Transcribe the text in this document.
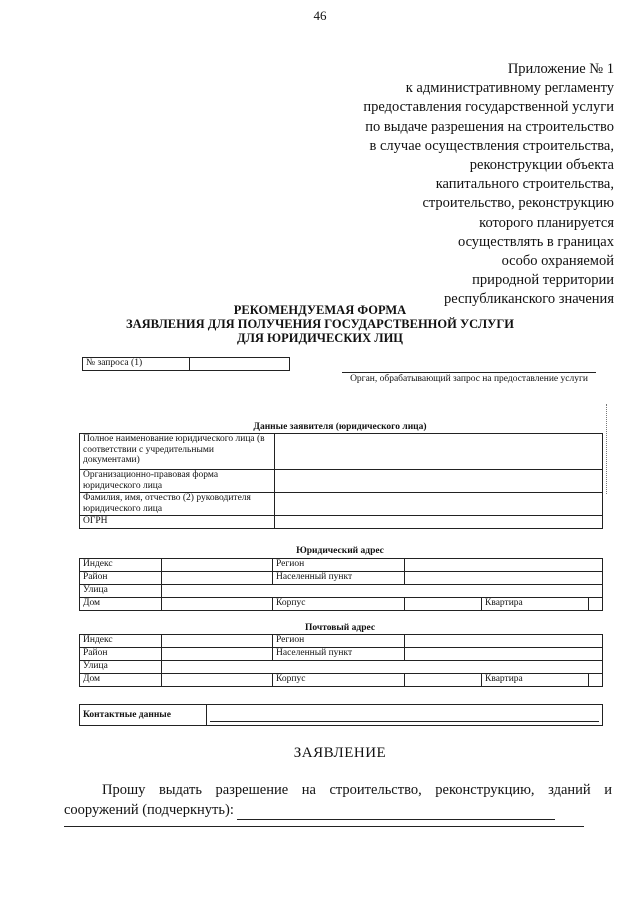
46
Приложение № 1
к административному регламенту
предоставления государственной услуги
по выдаче разрешения на строительство
в случае осуществления строительства,
реконструкции объекта
капитального строительства,
строительство, реконструкцию
которого планируется
осуществлять в границах
особо охраняемой
природной территории
республиканского значения
РЕКОМЕНДУЕМАЯ ФОРМА
ЗАЯВЛЕНИЯ ДЛЯ ПОЛУЧЕНИЯ ГОСУДАРСТВЕННОЙ УСЛУГИ
ДЛЯ ЮРИДИЧЕСКИХ ЛИЦ
№ запроса (1)	
Орган, обрабатывающий запрос на предоставление услуги
Данные заявителя (юридического лица)
Полное наименование юридического лица (в соответствии с учредительными документами)	
Организационно-правовая форма юридического лица	
Фамилия, имя, отчество (2) руководителя юридического лица	
ОГРН	
Юридический адрес
Индекс		Регион			
Район		Населенный пункт			
Улица					
Дом		Корпус		Квартира	
Почтовый адрес
Индекс		Регион			
Район		Населенный пункт			
Улица					
Дом		Корпус		Квартира	
Контактные данные	
ЗАЯВЛЕНИЕ
Прошу выдать разрешение на строительство, реконструкцию, зданий и сооружений (подчеркнуть):
